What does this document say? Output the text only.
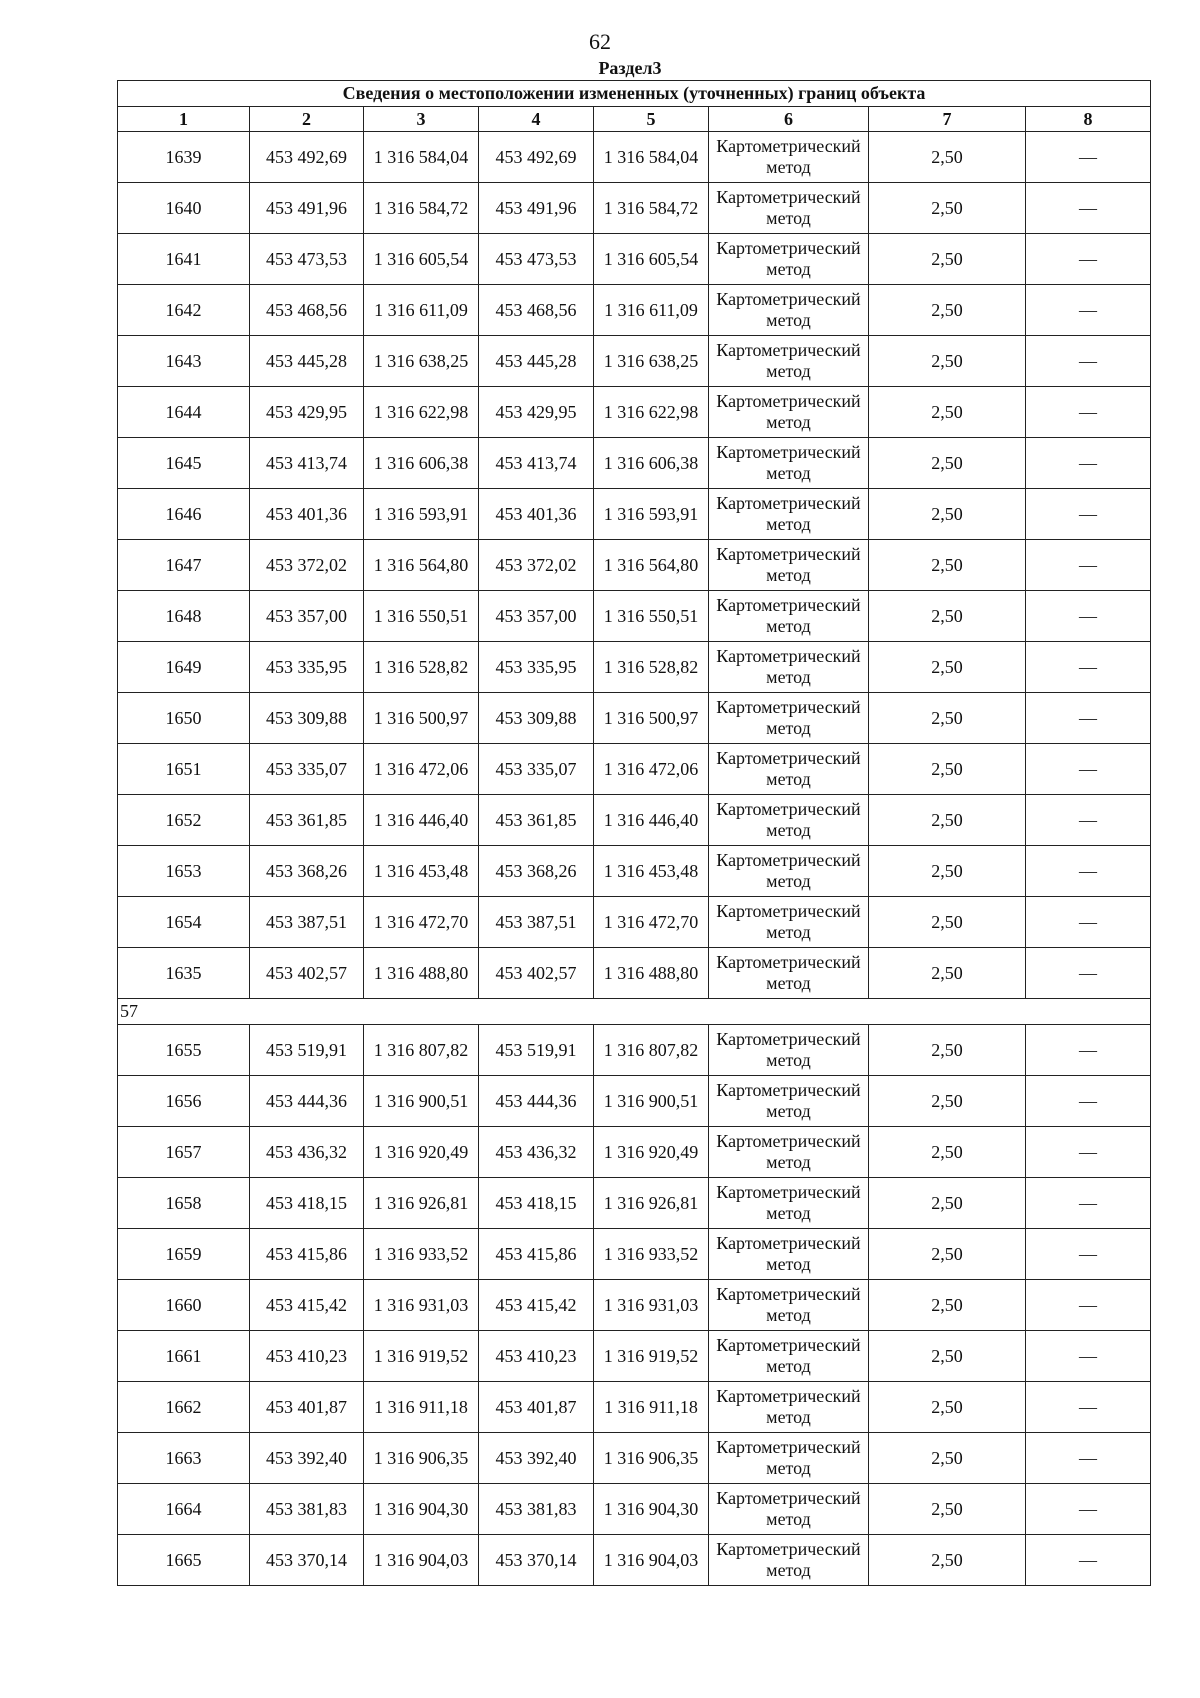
62
Раздел3
Сведения о местоположении измененных (уточненных) границ объекта							
1	2	3	4	5	6	7	8
1639	453 492,69	1 316 584,04	453 492,69	1 316 584,04	Картометрический метод	2,50	—
1640	453 491,96	1 316 584,72	453 491,96	1 316 584,72	Картометрический метод	2,50	—
1641	453 473,53	1 316 605,54	453 473,53	1 316 605,54	Картометрический метод	2,50	—
1642	453 468,56	1 316 611,09	453 468,56	1 316 611,09	Картометрический метод	2,50	—
1643	453 445,28	1 316 638,25	453 445,28	1 316 638,25	Картометрический метод	2,50	—
1644	453 429,95	1 316 622,98	453 429,95	1 316 622,98	Картометрический метод	2,50	—
1645	453 413,74	1 316 606,38	453 413,74	1 316 606,38	Картометрический метод	2,50	—
1646	453 401,36	1 316 593,91	453 401,36	1 316 593,91	Картометрический метод	2,50	—
1647	453 372,02	1 316 564,80	453 372,02	1 316 564,80	Картометрический метод	2,50	—
1648	453 357,00	1 316 550,51	453 357,00	1 316 550,51	Картометрический метод	2,50	—
1649	453 335,95	1 316 528,82	453 335,95	1 316 528,82	Картометрический метод	2,50	—
1650	453 309,88	1 316 500,97	453 309,88	1 316 500,97	Картометрический метод	2,50	—
1651	453 335,07	1 316 472,06	453 335,07	1 316 472,06	Картометрический метод	2,50	—
1652	453 361,85	1 316 446,40	453 361,85	1 316 446,40	Картометрический метод	2,50	—
1653	453 368,26	1 316 453,48	453 368,26	1 316 453,48	Картометрический метод	2,50	—
1654	453 387,51	1 316 472,70	453 387,51	1 316 472,70	Картометрический метод	2,50	—
1635	453 402,57	1 316 488,80	453 402,57	1 316 488,80	Картометрический метод	2,50	—
57							
1655	453 519,91	1 316 807,82	453 519,91	1 316 807,82	Картометрический метод	2,50	—
1656	453 444,36	1 316 900,51	453 444,36	1 316 900,51	Картометрический метод	2,50	—
1657	453 436,32	1 316 920,49	453 436,32	1 316 920,49	Картометрический метод	2,50	—
1658	453 418,15	1 316 926,81	453 418,15	1 316 926,81	Картометрический метод	2,50	—
1659	453 415,86	1 316 933,52	453 415,86	1 316 933,52	Картометрический метод	2,50	—
1660	453 415,42	1 316 931,03	453 415,42	1 316 931,03	Картометрический метод	2,50	—
1661	453 410,23	1 316 919,52	453 410,23	1 316 919,52	Картометрический метод	2,50	—
1662	453 401,87	1 316 911,18	453 401,87	1 316 911,18	Картометрический метод	2,50	—
1663	453 392,40	1 316 906,35	453 392,40	1 316 906,35	Картометрический метод	2,50	—
1664	453 381,83	1 316 904,30	453 381,83	1 316 904,30	Картометрический метод	2,50	—
1665	453 370,14	1 316 904,03	453 370,14	1 316 904,03	Картометрический метод	2,50	—
